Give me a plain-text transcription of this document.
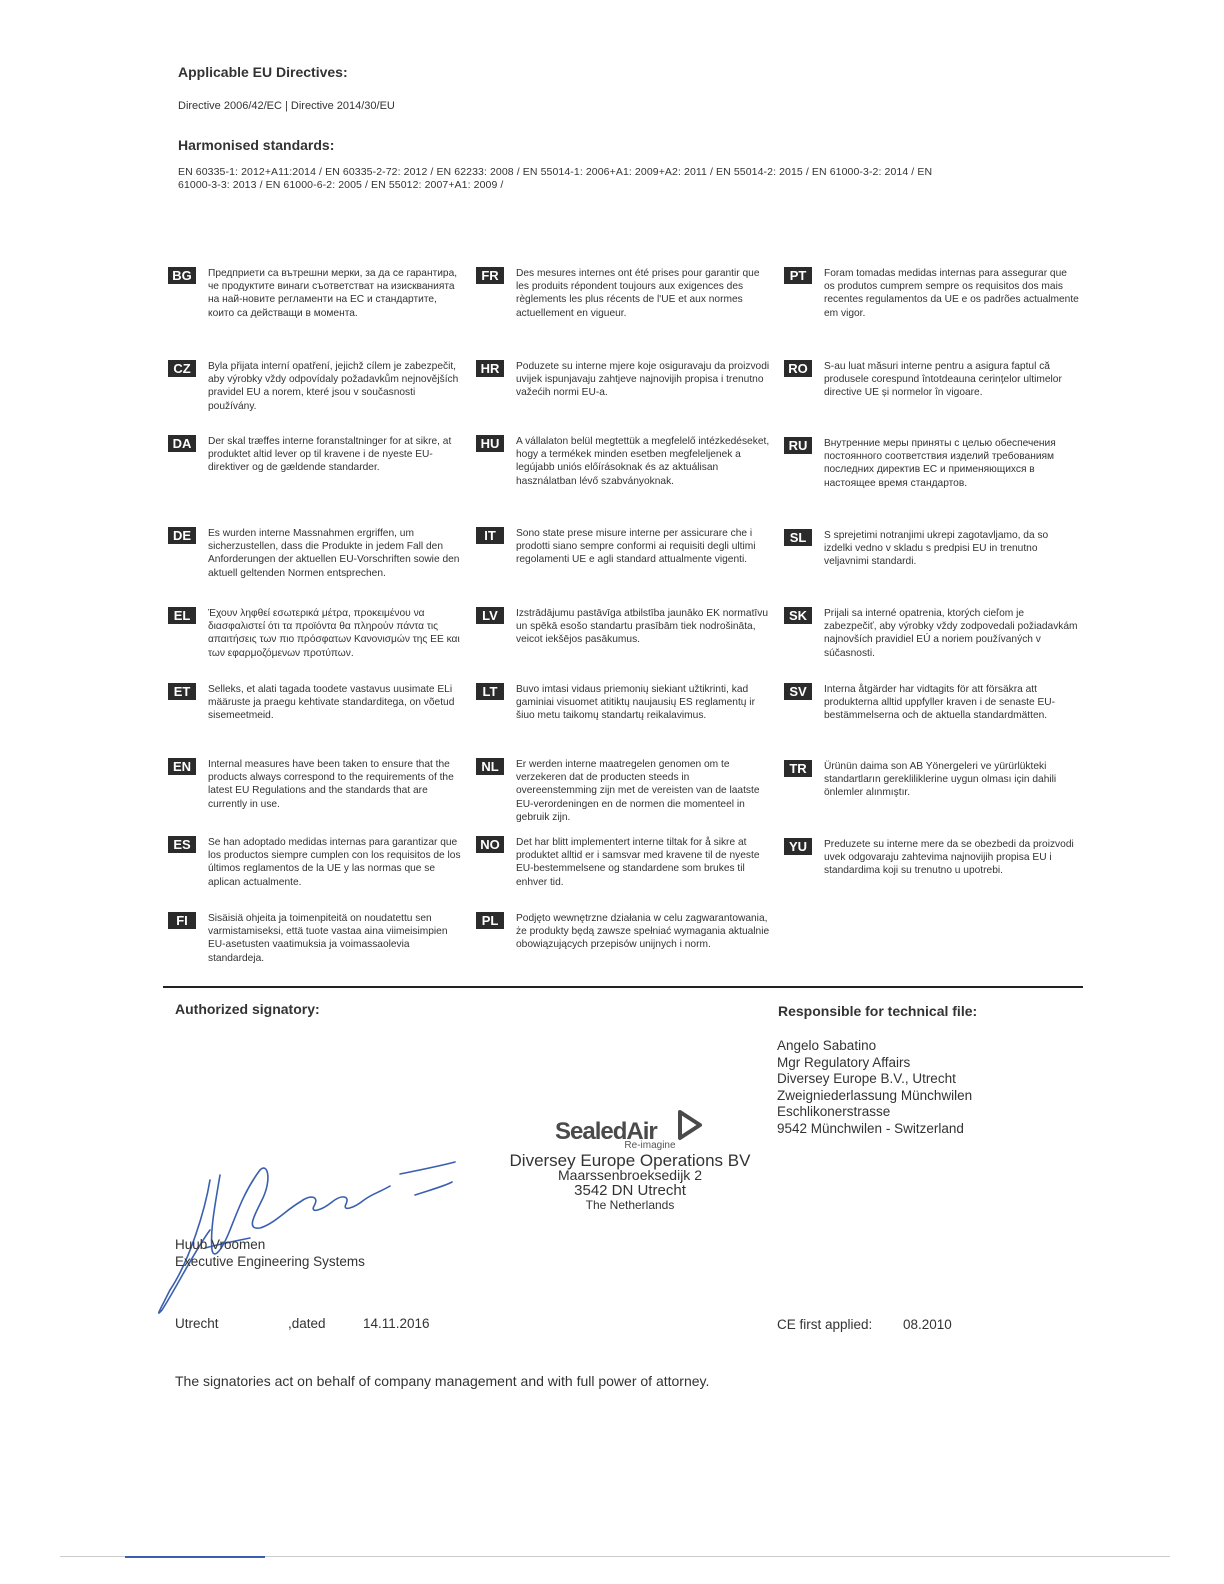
Applicable EU Directives:
Directive 2006/42/EC | Directive 2014/30/EU
Harmonised standards:
EN 60335-1: 2012+A11:2014 / EN 60335-2-72: 2012 / EN 62233: 2008 / EN 55014-1: 2006+A1: 2009+A2: 2011 / EN 55014-2: 2015 / EN 61000-3-2: 2014 / EN
61000-3-3: 2013 / EN 61000-6-2: 2005 / EN 55012: 2007+A1: 2009 /
BG	Предприети са вътрешни мерки, за да се гарантира, че продуктите винаги съответстват на изискванията на най-новите регламенти на ЕС и стандартите, които са действащи в момента.
CZ	Byla přijata interní opatření, jejichž cílem je zabezpečit, aby výrobky vždy odpovídaly požadavkům nejnovějších pravidel EU a norem, které jsou v současnosti používány.
DA	Der skal træffes interne foranstaltninger for at sikre, at produktet altid lever op til kravene i de nyeste EU-direktiver og de gældende standarder.
DE	Es wurden interne Massnahmen ergriffen, um sicherzustellen, dass die Produkte in jedem Fall den Anforderungen der aktuellen EU-Vorschriften sowie den aktuell geltenden Normen entsprechen.
EL	Έχουν ληφθεί εσωτερικά μέτρα, προκειμένου να διασφαλιστεί ότι τα προϊόντα θα πληρούν πάντα τις απαιτήσεις των πιο πρόσφατων Κανονισμών της ΕΕ και των εφαρμοζόμενων προτύπων.
ET	Selleks, et alati tagada toodete vastavus uusimate ELi määruste ja praegu kehtivate standarditega, on võetud sisemeetmeid.
EN	Internal measures have been taken to ensure that the products always correspond to the requirements of the latest EU Regulations and the standards that are currently in use.
ES	Se han adoptado medidas internas para garantizar que los productos siempre cumplen con los requisitos de los últimos reglamentos de la UE y las normas que se aplican actualmente.
FI	Sisäisiä ohjeita ja toimenpiteitä on noudatettu sen varmistamiseksi, että tuote vastaa aina viimeisimpien EU-asetusten vaatimuksia ja voimassaolevia standardeja.
FR	Des mesures internes ont été prises pour garantir que les produits répondent toujours aux exigences des règlements les plus récents de l'UE et aux normes actuellement en vigueur.
HR	Poduzete su interne mjere koje osiguravaju da proizvodi uvijek ispunjavaju zahtjeve najnovijih propisa i trenutno važećih normi EU-a.
HU	A vállalaton belül megtettük a megfelelő intézkedéseket, hogy a termékek minden esetben megfeleljenek a legújabb uniós előírásoknak és az aktuálisan használatban lévő szabványoknak.
IT	Sono state prese misure interne per assicurare che i prodotti siano sempre conformi ai requisiti degli ultimi regolamenti UE e agli standard attualmente vigenti.
LV	Izstrādājumu pastāvīga atbilstība jaunāko EK normatīvu un spēkā esošo standartu prasībām tiek nodrošināta, veicot iekšējos pasākumus.
LT	Buvo imtasi vidaus priemonių siekiant užtikrinti, kad gaminiai visuomet atitiktų naujausių ES reglamentų ir šiuo metu taikomų standartų reikalavimus.
NL	Er werden interne maatregelen genomen om te verzekeren dat de producten steeds in overeenstemming zijn met de vereisten van de laatste EU-verordeningen en de normen die momenteel in gebruik zijn.
NO	Det har blitt implementert interne tiltak for å sikre at produktet alltid er i samsvar med kravene til de nyeste EU-bestemmelsene og standardene som brukes til enhver tid.
PL	Podjęto wewnętrzne działania w celu zagwarantowania, że produkty będą zawsze spełniać wymagania aktualnie obowiązujących przepisów unijnych i norm.
PT	Foram tomadas medidas internas para assegurar que os produtos cumprem sempre os requisitos dos mais recentes regulamentos da UE e os padrões actualmente em vigor.
RO	S-au luat măsuri interne pentru a asigura faptul că produsele corespund întotdeauna cerințelor ultimelor directive UE și normelor în vigoare.
RU	Внутренние меры приняты с целью обеспечения постоянного соответствия изделий требованиям последних директив ЕС и применяющихся в настоящее время стандартов.
SL	S sprejetimi notranjimi ukrepi zagotavljamo, da so izdelki vedno v skladu s predpisi EU in trenutno veljavnimi standardi.
SK	Prijali sa interné opatrenia, ktorých cieľom je zabezpečiť, aby výrobky vždy zodpovedali požiadavkám najnovších pravidiel EÚ a noriem používaných v súčasnosti.
SV	Interna åtgärder har vidtagits för att försäkra att produkterna alltid uppfyller kraven i de senaste EU-bestämmelserna och de aktuella standardmätten.
TR	Ürünün daima son AB Yönergeleri ve yürürlükteki standartların gerekliliklerine uygun olması için dahili önlemler alınmıştır.
YU	Preduzete su interne mere da se obezbedi da proizvodi uvek odgovaraju zahtevima najnovijih propisa EU i standardima koji su trenutno u upotrebi.
Authorized signatory:
Huub Vroomen
Executive Engineering Systems
Utrecht	,dated	14.11.2016
SealedAir
Re-imagine
Diversey Europe Operations BV
Maarssenbroeksedijk 2
3542 DN Utrecht
The Netherlands
Responsible for technical file:
Angelo Sabatino
Mgr Regulatory Affairs
Diversey Europe B.V., Utrecht
Zweigniederlassung Münchwilen
Eschlikonerstrasse
9542 Münchwilen - Switzerland
CE first applied: 08.2010
The signatories act on behalf of company management and with full power of attorney.
